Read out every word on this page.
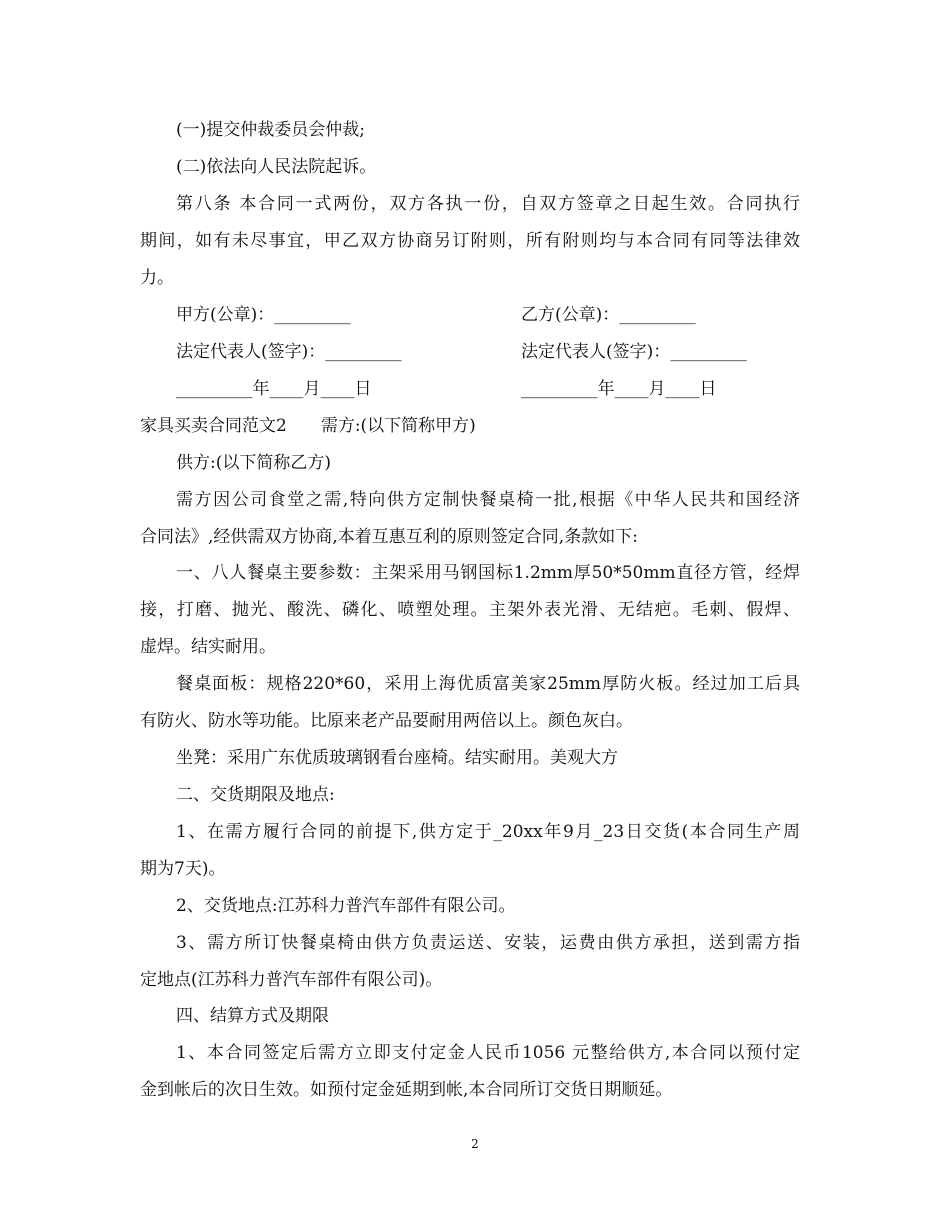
(一)提交仲裁委员会仲裁;
(二)依法向人民法院起诉。
第八条 本合同一式两份，双方各执一份，自双方签章之日起生效。合同执行
期间，如有未尽事宜，甲乙双方协商另订附则，所有附则均与本合同有同等法律效
力。
甲方(公章)：_________	乙方(公章)：_________
法定代表人(签字)：_________	法定代表人(签字)：_________
_________年____月____日	_________年____月____日
家具买卖合同范文2　　需方:(以下简称甲方)
供方:(以下简称乙方)
需方因公司食堂之需,特向供方定制快餐桌椅一批,根据《中华人民共和国经济
合同法》,经供需双方协商,本着互惠互利的原则签定合同,条款如下:
一、八人餐桌主要参数：主架采用马钢国标1.2mm厚50*50mm直径方管，经焊
接，打磨、抛光、酸洗、磷化、喷塑处理。主架外表光滑、无结疤。毛刺、假焊、
虚焊。结实耐用。
餐桌面板：规格220*60，采用上海优质富美家25mm厚防火板。经过加工后具
有防火、防水等功能。比原来老产品要耐用两倍以上。颜色灰白。
坐凳：采用广东优质玻璃钢看台座椅。结实耐用。美观大方
二、交货期限及地点:
1、在需方履行合同的前提下,供方定于_20xx年9月_23日交货(本合同生产周
期为7天)。
2、交货地点:江苏科力普汽车部件有限公司。
3、需方所订快餐桌椅由供方负责运送、安装，运费由供方承担，送到需方指
定地点(江苏科力普汽车部件有限公司)。
四、结算方式及期限
1、本合同签定后需方立即支付定金人民币1056 元整给供方,本合同以预付定
金到帐后的次日生效。如预付定金延期到帐,本合同所订交货日期顺延。
2
